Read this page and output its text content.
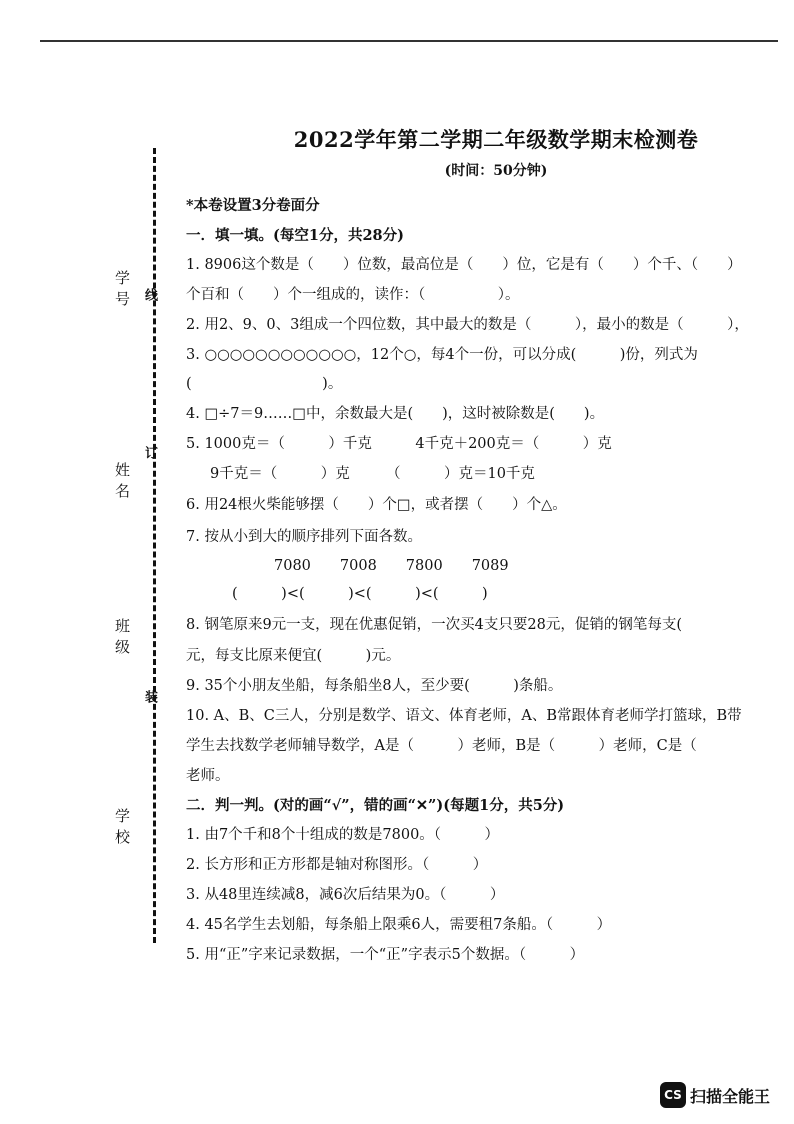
学号
姓名
班级
学校
线
订
装
2022学年第二学期二年级数学期末检测卷
(时间：50分钟)
*本卷设置3分卷面分
一．填一填。(每空1分，共28分)
1. 8906这个数是（　　）位数，最高位是（　　）位，它是有（　　）个千、（　　）
个百和（　　）个一组成的，读作：（　　　　　）。
2. 用2、9、0、3组成一个四位数，其中最大的数是（　　　），最小的数是（　　　），
3. ○○○○○○○○○○○○，12个○，每4个一份，可以分成(　　　)份，列式为
(　　　　　　　　　)。
4. □÷7＝9……□中，余数最大是(　　)，这时被除数是(　　)。
5. 1000克＝（　　　）千克　　　4千克＋200克＝（　　　）克
9千克＝（　　　）克　　　（　　　）克＝10千克
6. 用24根火柴能够摆（　　）个□，或者摆（　　）个△。
7. 按从小到大的顺序排列下面各数。
7080　　7008　　7800　　7089
(　　　)<(　　　)<(　　　)<(　　　)
8. 钢笔原来9元一支，现在优惠促销，一次买4支只要28元，促销的钢笔每支(
元，每支比原来便宜(　　　)元。
9. 35个小朋友坐船，每条船坐8人，至少要(　　　)条船。
10. A、B、C三人，分别是数学、语文、体育老师，A、B常跟体育老师学打篮球，B带
学生去找数学老师辅导数学，A是（　　　）老师，B是（　　　）老师，C是（　　
老师。
二．判一判。(对的画“√”，错的画“✕”)(每题1分，共5分)
1. 由7个千和8个十组成的数是7800。（　　　）
2. 长方形和正方形都是轴对称图形。（　　　）
3. 从48里连续减8，减6次后结果为0。（　　　）
4. 45名学生去划船，每条船上限乘6人，需要租7条船。（　　　）
5. 用“正”字来记录数据，一个“正”字表示5个数据。（　　　）
CS 扫描全能王
